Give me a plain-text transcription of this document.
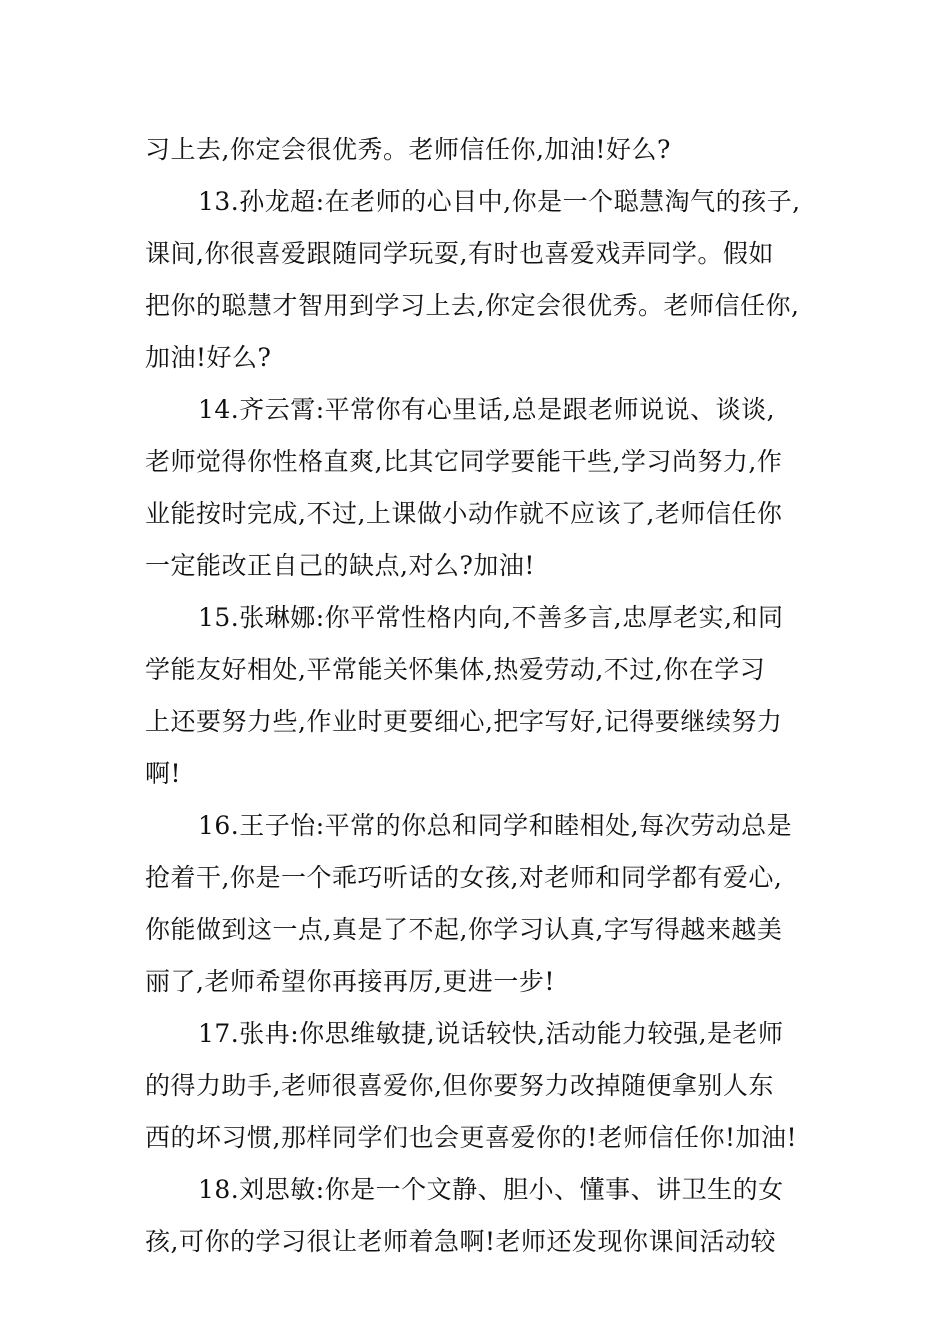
习上去,你定会很优秀。老师信任你,加油!好么?
13.孙龙超:在老师的心目中,你是一个聪慧淘气的孩子,
课间,你很喜爱跟随同学玩耍,有时也喜爱戏弄同学。假如
把你的聪慧才智用到学习上去,你定会很优秀。老师信任你,
加油!好么?
14.齐云霄:平常你有心里话,总是跟老师说说、谈谈,
老师觉得你性格直爽,比其它同学要能干些,学习尚努力,作
业能按时完成,不过,上课做小动作就不应该了,老师信任你
一定能改正自己的缺点,对么?加油!
15.张琳娜:你平常性格内向,不善多言,忠厚老实,和同
学能友好相处,平常能关怀集体,热爱劳动,不过,你在学习
上还要努力些,作业时更要细心,把字写好,记得要继续努力
啊!
16.王子怡:平常的你总和同学和睦相处,每次劳动总是
抢着干,你是一个乖巧听话的女孩,对老师和同学都有爱心,
你能做到这一点,真是了不起,你学习认真,字写得越来越美
丽了,老师希望你再接再厉,更进一步!
17.张冉:你思维敏捷,说话较快,活动能力较强,是老师
的得力助手,老师很喜爱你,但你要努力改掉随便拿别人东
西的坏习惯,那样同学们也会更喜爱你的!老师信任你!加油!
18.刘思敏:你是一个文静、胆小、懂事、讲卫生的女
孩,可你的学习很让老师着急啊!老师还发现你课间活动较
